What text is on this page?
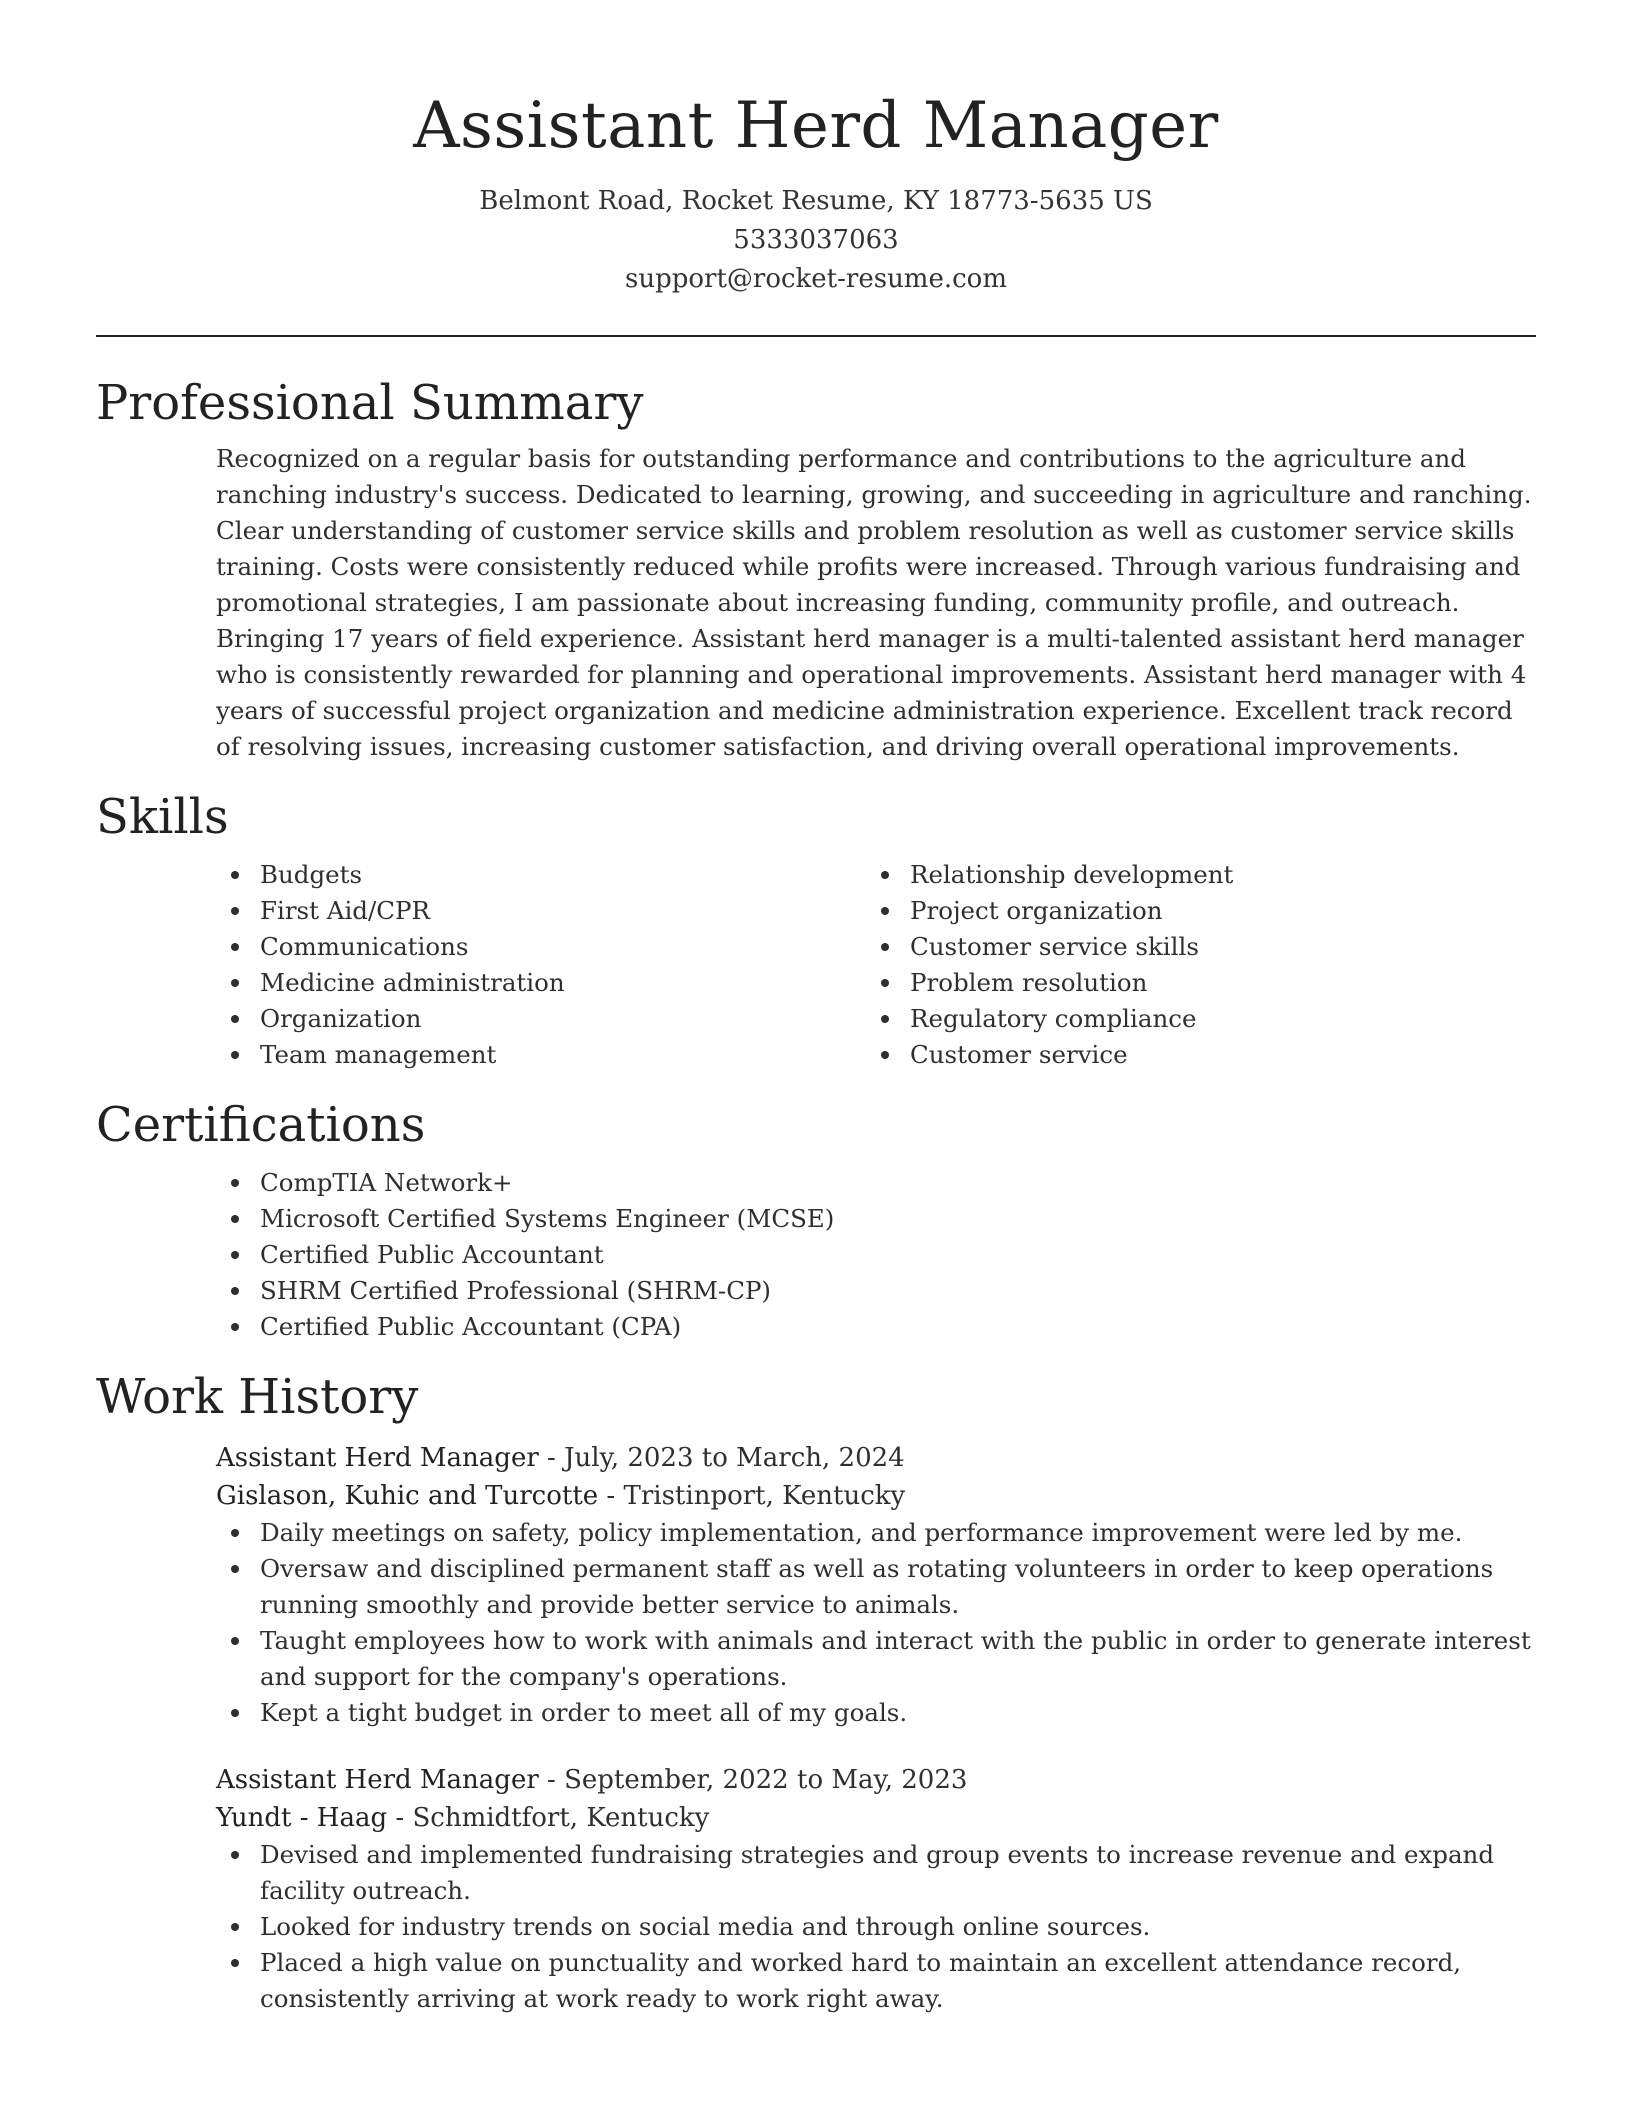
Assistant Herd Manager
Belmont Road, Rocket Resume, KY 18773-5635 US
5333037063
support@rocket-resume.com
Professional Summary
Recognized on a regular basis for outstanding performance and contributions to the agriculture and ranching industry's success. Dedicated to learning, growing, and succeeding in agriculture and ranching. Clear understanding of customer service skills and problem resolution as well as customer service skills training. Costs were consistently reduced while profits were increased. Through various fundraising and promotional strategies, I am passionate about increasing funding, community profile, and outreach. Bringing 17 years of field experience. Assistant herd manager is a multi-talented assistant herd manager who is consistently rewarded for planning and operational improvements. Assistant herd manager with 4 years of successful project organization and medicine administration experience. Excellent track record of resolving issues, increasing customer satisfaction, and driving overall operational improvements.
Skills
Budgets
First Aid/CPR
Communications
Medicine administration
Organization
Team management
Relationship development
Project organization
Customer service skills
Problem resolution
Regulatory compliance
Customer service
Certifications
CompTIA Network+
Microsoft Certified Systems Engineer (MCSE)
Certified Public Accountant
SHRM Certified Professional (SHRM-CP)
Certified Public Accountant (CPA)
Work History
Assistant Herd Manager - July, 2023 to March, 2024
Gislason, Kuhic and Turcotte - Tristinport, Kentucky
Daily meetings on safety, policy implementation, and performance improvement were led by me.
Oversaw and disciplined permanent staff as well as rotating volunteers in order to keep operations running smoothly and provide better service to animals.
Taught employees how to work with animals and interact with the public in order to generate interest and support for the company's operations.
Kept a tight budget in order to meet all of my goals.
Assistant Herd Manager - September, 2022 to May, 2023
Yundt - Haag - Schmidtfort, Kentucky
Devised and implemented fundraising strategies and group events to increase revenue and expand facility outreach.
Looked for industry trends on social media and through online sources.
Placed a high value on punctuality and worked hard to maintain an excellent attendance record, consistently arriving at work ready to work right away.
